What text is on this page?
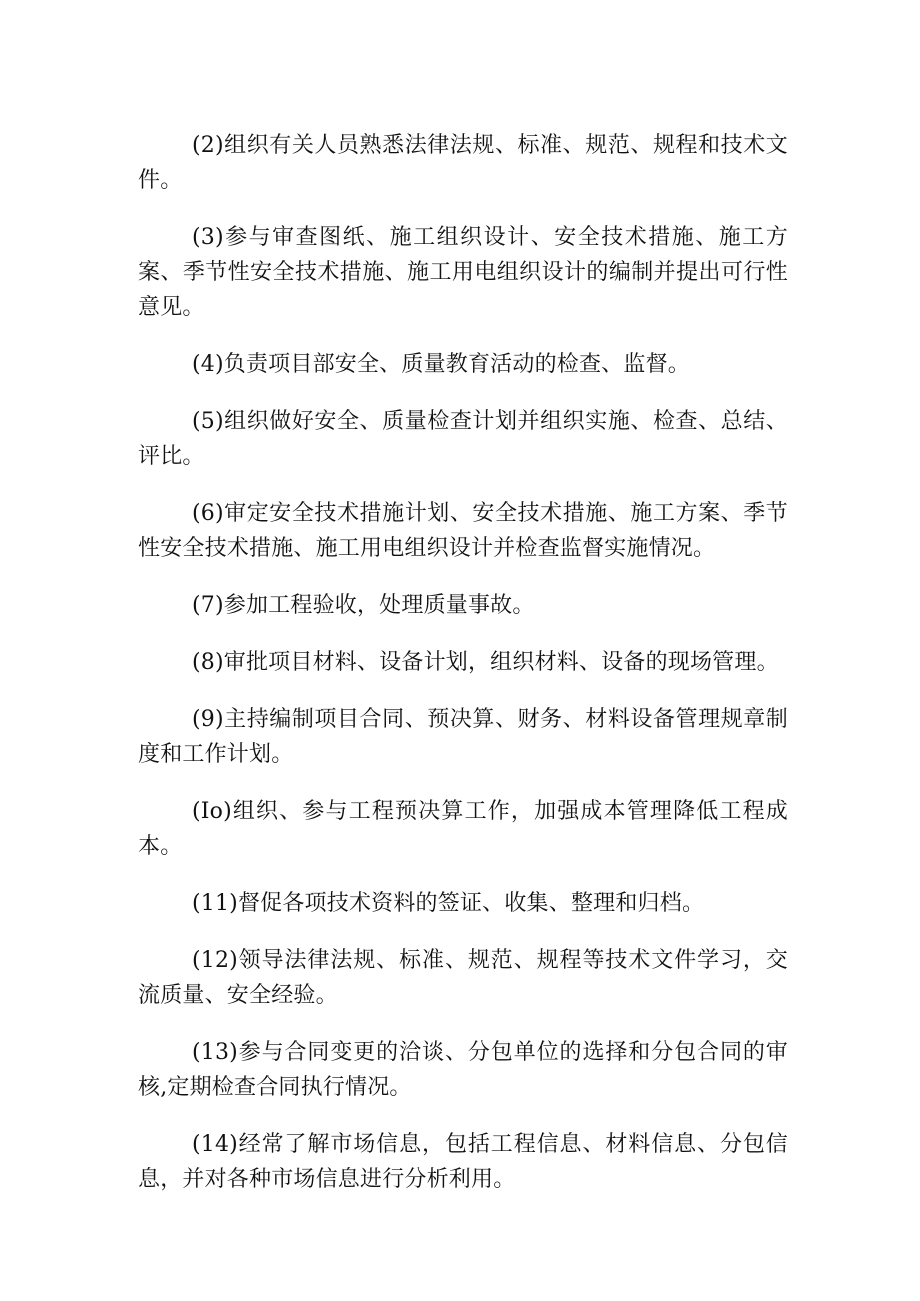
(2)组织有关人员熟悉法律法规、标准、规范、规程和技术文件。

(3)参与审查图纸、施工组织设计、安全技术措施、施工方案、季节性安全技术措施、施工用电组织设计的编制并提出可行性意见。

(4)负责项目部安全、质量教育活动的检查、监督。

(5)组织做好安全、质量检查计划并组织实施、检查、总结、评比。

(6)审定安全技术措施计划、安全技术措施、施工方案、季节性安全技术措施、施工用电组织设计并检查监督实施情况。

(7)参加工程验收，处理质量事故。

(8)审批项目材料、设备计划，组织材料、设备的现场管理。

(9)主持编制项目合同、预决算、财务、材料设备管理规章制度和工作计划。

(Io)组织、参与工程预决算工作，加强成本管理降低工程成本。

(11)督促各项技术资料的签证、收集、整理和归档。

(12)领导法律法规、标准、规范、规程等技术文件学习，交流质量、安全经验。

(13)参与合同变更的洽谈、分包单位的选择和分包合同的审核,定期检查合同执行情况。

(14)经常了解市场信息，包括工程信息、材料信息、分包信息，并对各种市场信息进行分析利用。
